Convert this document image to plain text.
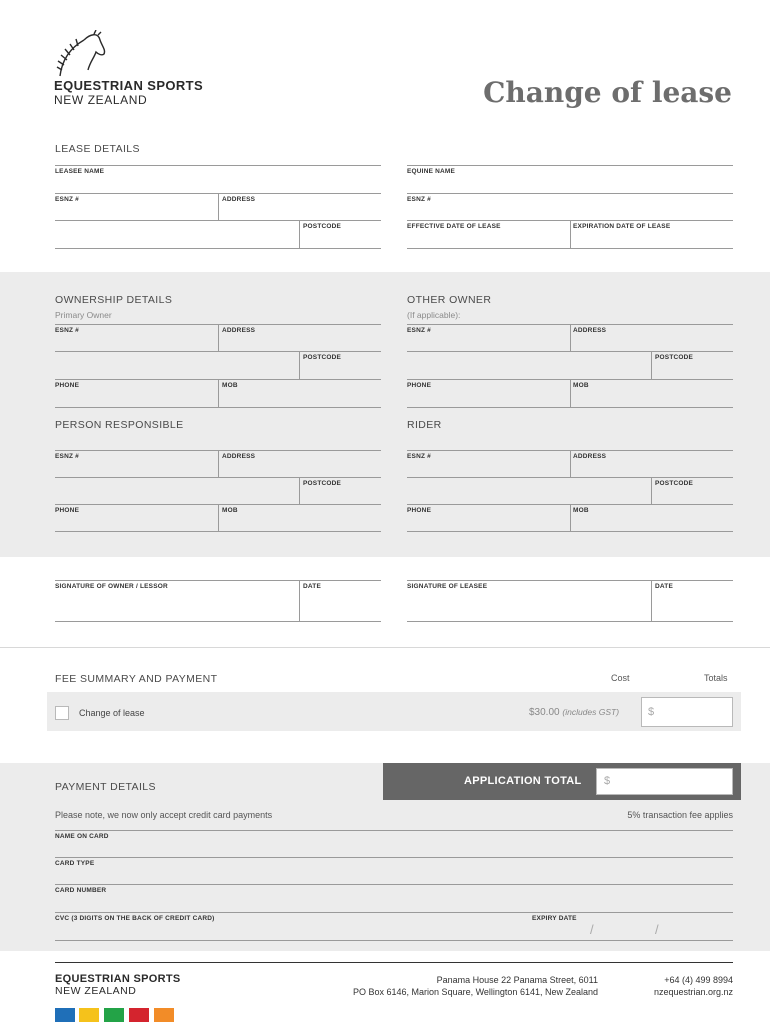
EQUESTRIAN SPORTS
NEW ZEALAND	Change of lease
LEASE DETAILS
LEASEE NAME	EQUINE NAME
ESNZ #	ADDRESS	ESNZ #
POSTCODE	EFFECTIVE DATE OF LEASE	EXPIRATION DATE OF LEASE
OWNERSHIP DETAILS
Primary Owner
OTHER OWNER
(If applicable):
ESNZ #	ADDRESS
POSTCODE
PHONE	MOB
ESNZ #	ADDRESS
POSTCODE
PHONE	MOB
PERSON RESPONSIBLE	RIDER
ESNZ #	ADDRESS
POSTCODE
PHONE	MOB
ESNZ #	ADDRESS
POSTCODE
PHONE	MOB
SIGNATURE OF OWNER / LESSOR	DATE	SIGNATURE OF LEASEE	DATE
FEE SUMMARY AND PAYMENT	Cost	Totals
Change of lease	$30.00 (includes GST)	$
PAYMENT DETAILS	APPLICATION TOTAL $
Please note, we now only accept credit card payments	5% transaction fee applies
NAME ON CARD
CARD TYPE
CARD NUMBER
CVC (3 DIGITS ON THE BACK OF CREDIT CARD)	EXPIRY DATE
/	/
EQUESTRIAN SPORTS
NEW ZEALAND
Panama House 22 Panama Street, 6011
PO Box 6146, Marion Square, Wellington 6141, New Zealand
+64 (4) 499 8994
nzequestrian.org.nz
